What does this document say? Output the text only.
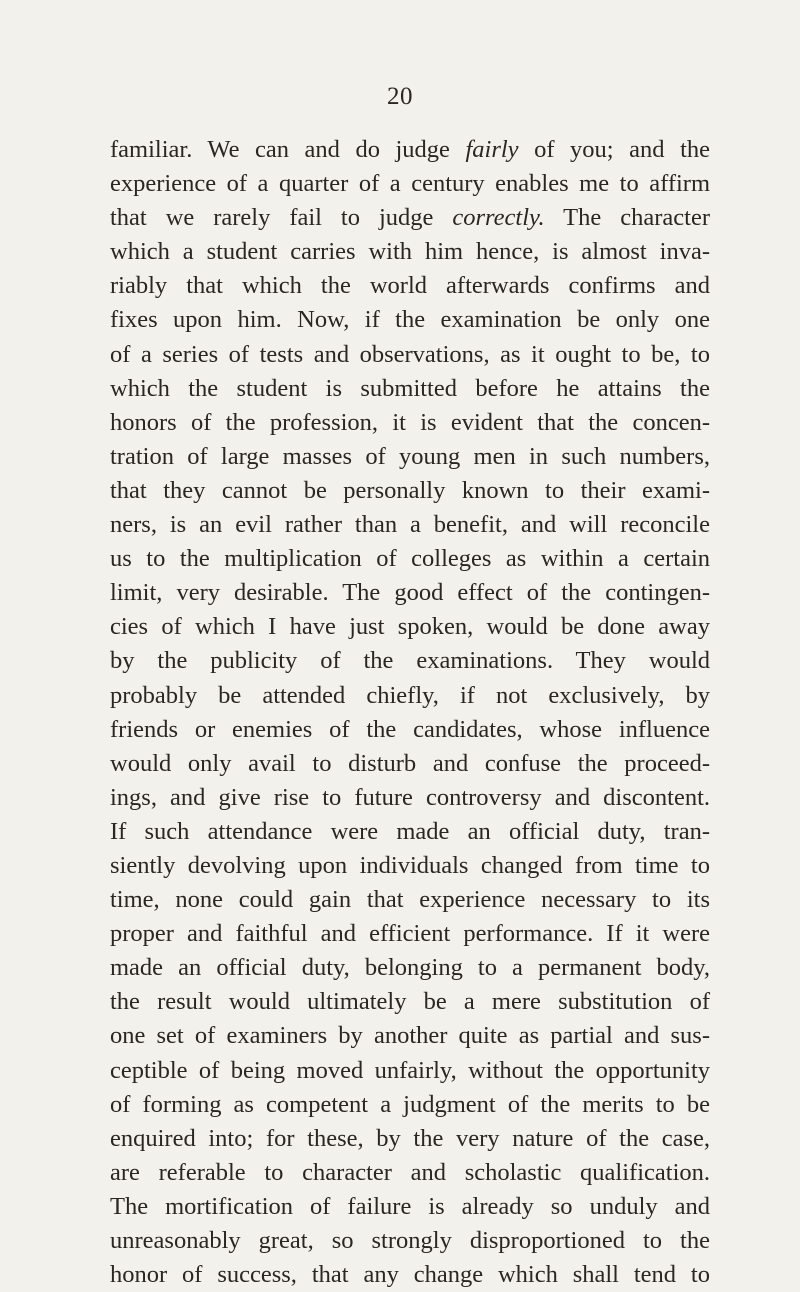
20
familiar. We can and do judge fairly of you; and the
experience of a quarter of a century enables me to affirm
that we rarely fail to judge correctly. The character
which a student carries with him hence, is almost inva-
riably that which the world afterwards confirms and
fixes upon him. Now, if the examination be only one
of a series of tests and observations, as it ought to be, to
which the student is submitted before he attains the
honors of the profession, it is evident that the concen-
tration of large masses of young men in such numbers,
that they cannot be personally known to their exami-
ners, is an evil rather than a benefit, and will reconcile
us to the multiplication of colleges as within a certain
limit, very desirable. The good effect of the contingen-
cies of which I have just spoken, would be done away
by the publicity of the examinations. They would
probably be attended chiefly, if not exclusively, by
friends or enemies of the candidates, whose influence
would only avail to disturb and confuse the proceed-
ings, and give rise to future controversy and discontent.
If such attendance were made an official duty, tran-
siently devolving upon individuals changed from time to
time, none could gain that experience necessary to its
proper and faithful and efficient performance. If it were
made an official duty, belonging to a permanent body,
the result would ultimately be a mere substitution of
one set of examiners by another quite as partial and sus-
ceptible of being moved unfairly, without the opportunity
of forming as competent a judgment of the merits to be
enquired into; for these, by the very nature of the case,
are referable to character and scholastic qualification.
The mortification of failure is already so unduly and
unreasonably great, so strongly disproportioned to the
honor of success, that any change which shall tend to
